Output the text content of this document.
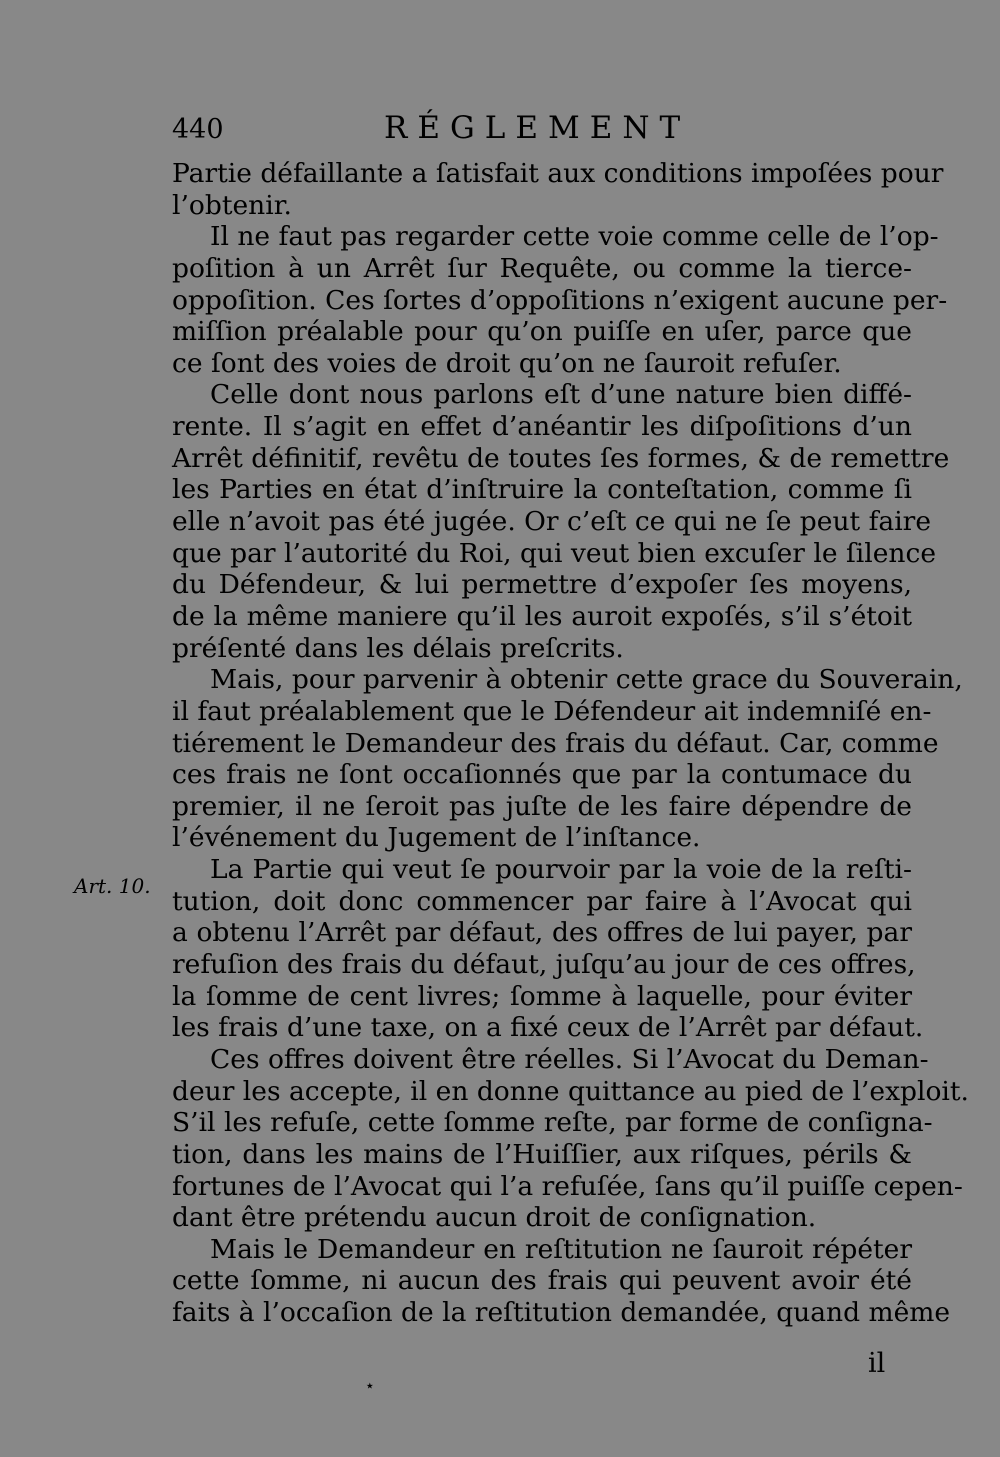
440	RÉGLEMENT
Art. 10.
Partie défaillante a ſatisfait aux conditions impoſées pour
l’obtenir.
Il ne faut pas regarder cette voie comme celle de l’op-
poſition à un Arrêt ſur Requête, ou comme la tierce-
oppoſition. Ces ſortes d’oppoſitions n’exigent aucune per-
miſſion préalable pour qu’on puiſſe en uſer, parce que
ce ſont des voies de droit qu’on ne ſauroit refuſer.
Celle dont nous parlons eſt d’une nature bien diffé-
rente. Il s’agit en effet d’anéantir les diſpoſitions d’un
Arrêt définitif, revêtu de toutes ſes formes, & de remettre
les Parties en état d’inſtruire la conteſtation, comme ſi
elle n’avoit pas été jugée. Or c’eſt ce qui ne ſe peut faire
que par l’autorité du Roi, qui veut bien excuſer le ſilence
du Défendeur, & lui permettre d’expoſer ſes moyens,
de la même maniere qu’il les auroit expoſés, s’il s’étoit
préſenté dans les délais preſcrits.
Mais, pour parvenir à obtenir cette grace du Souverain,
il faut préalablement que le Défendeur ait indemniſé en-
tiérement le Demandeur des frais du défaut. Car, comme
ces frais ne ſont occaſionnés que par la contumace du
premier, il ne ſeroit pas juſte de les faire dépendre de
l’événement du Jugement de l’inſtance.
La Partie qui veut ſe pourvoir par la voie de la reſti-
tution, doit donc commencer par faire à l’Avocat qui
a obtenu l’Arrêt par défaut, des offres de lui payer, par
refuſion des frais du défaut, juſqu’au jour de ces offres,
la ſomme de cent livres; ſomme à laquelle, pour éviter
les frais d’une taxe, on a fixé ceux de l’Arrêt par défaut.
Ces offres doivent être réelles. Si l’Avocat du Deman-
deur les accepte, il en donne quittance au pied de l’exploit.
S’il les refuſe, cette ſomme reſte, par forme de conſigna-
tion, dans les mains de l’Huiſſier, aux riſques, périls &
fortunes de l’Avocat qui l’a refuſée, ſans qu’il puiſſe cepen-
dant être prétendu aucun droit de conſignation.
Mais le Demandeur en reſtitution ne ſauroit répéter
cette ſomme, ni aucun des frais qui peuvent avoir été
faits à l’occaſion de la reſtitution demandée, quand même
il
٭
